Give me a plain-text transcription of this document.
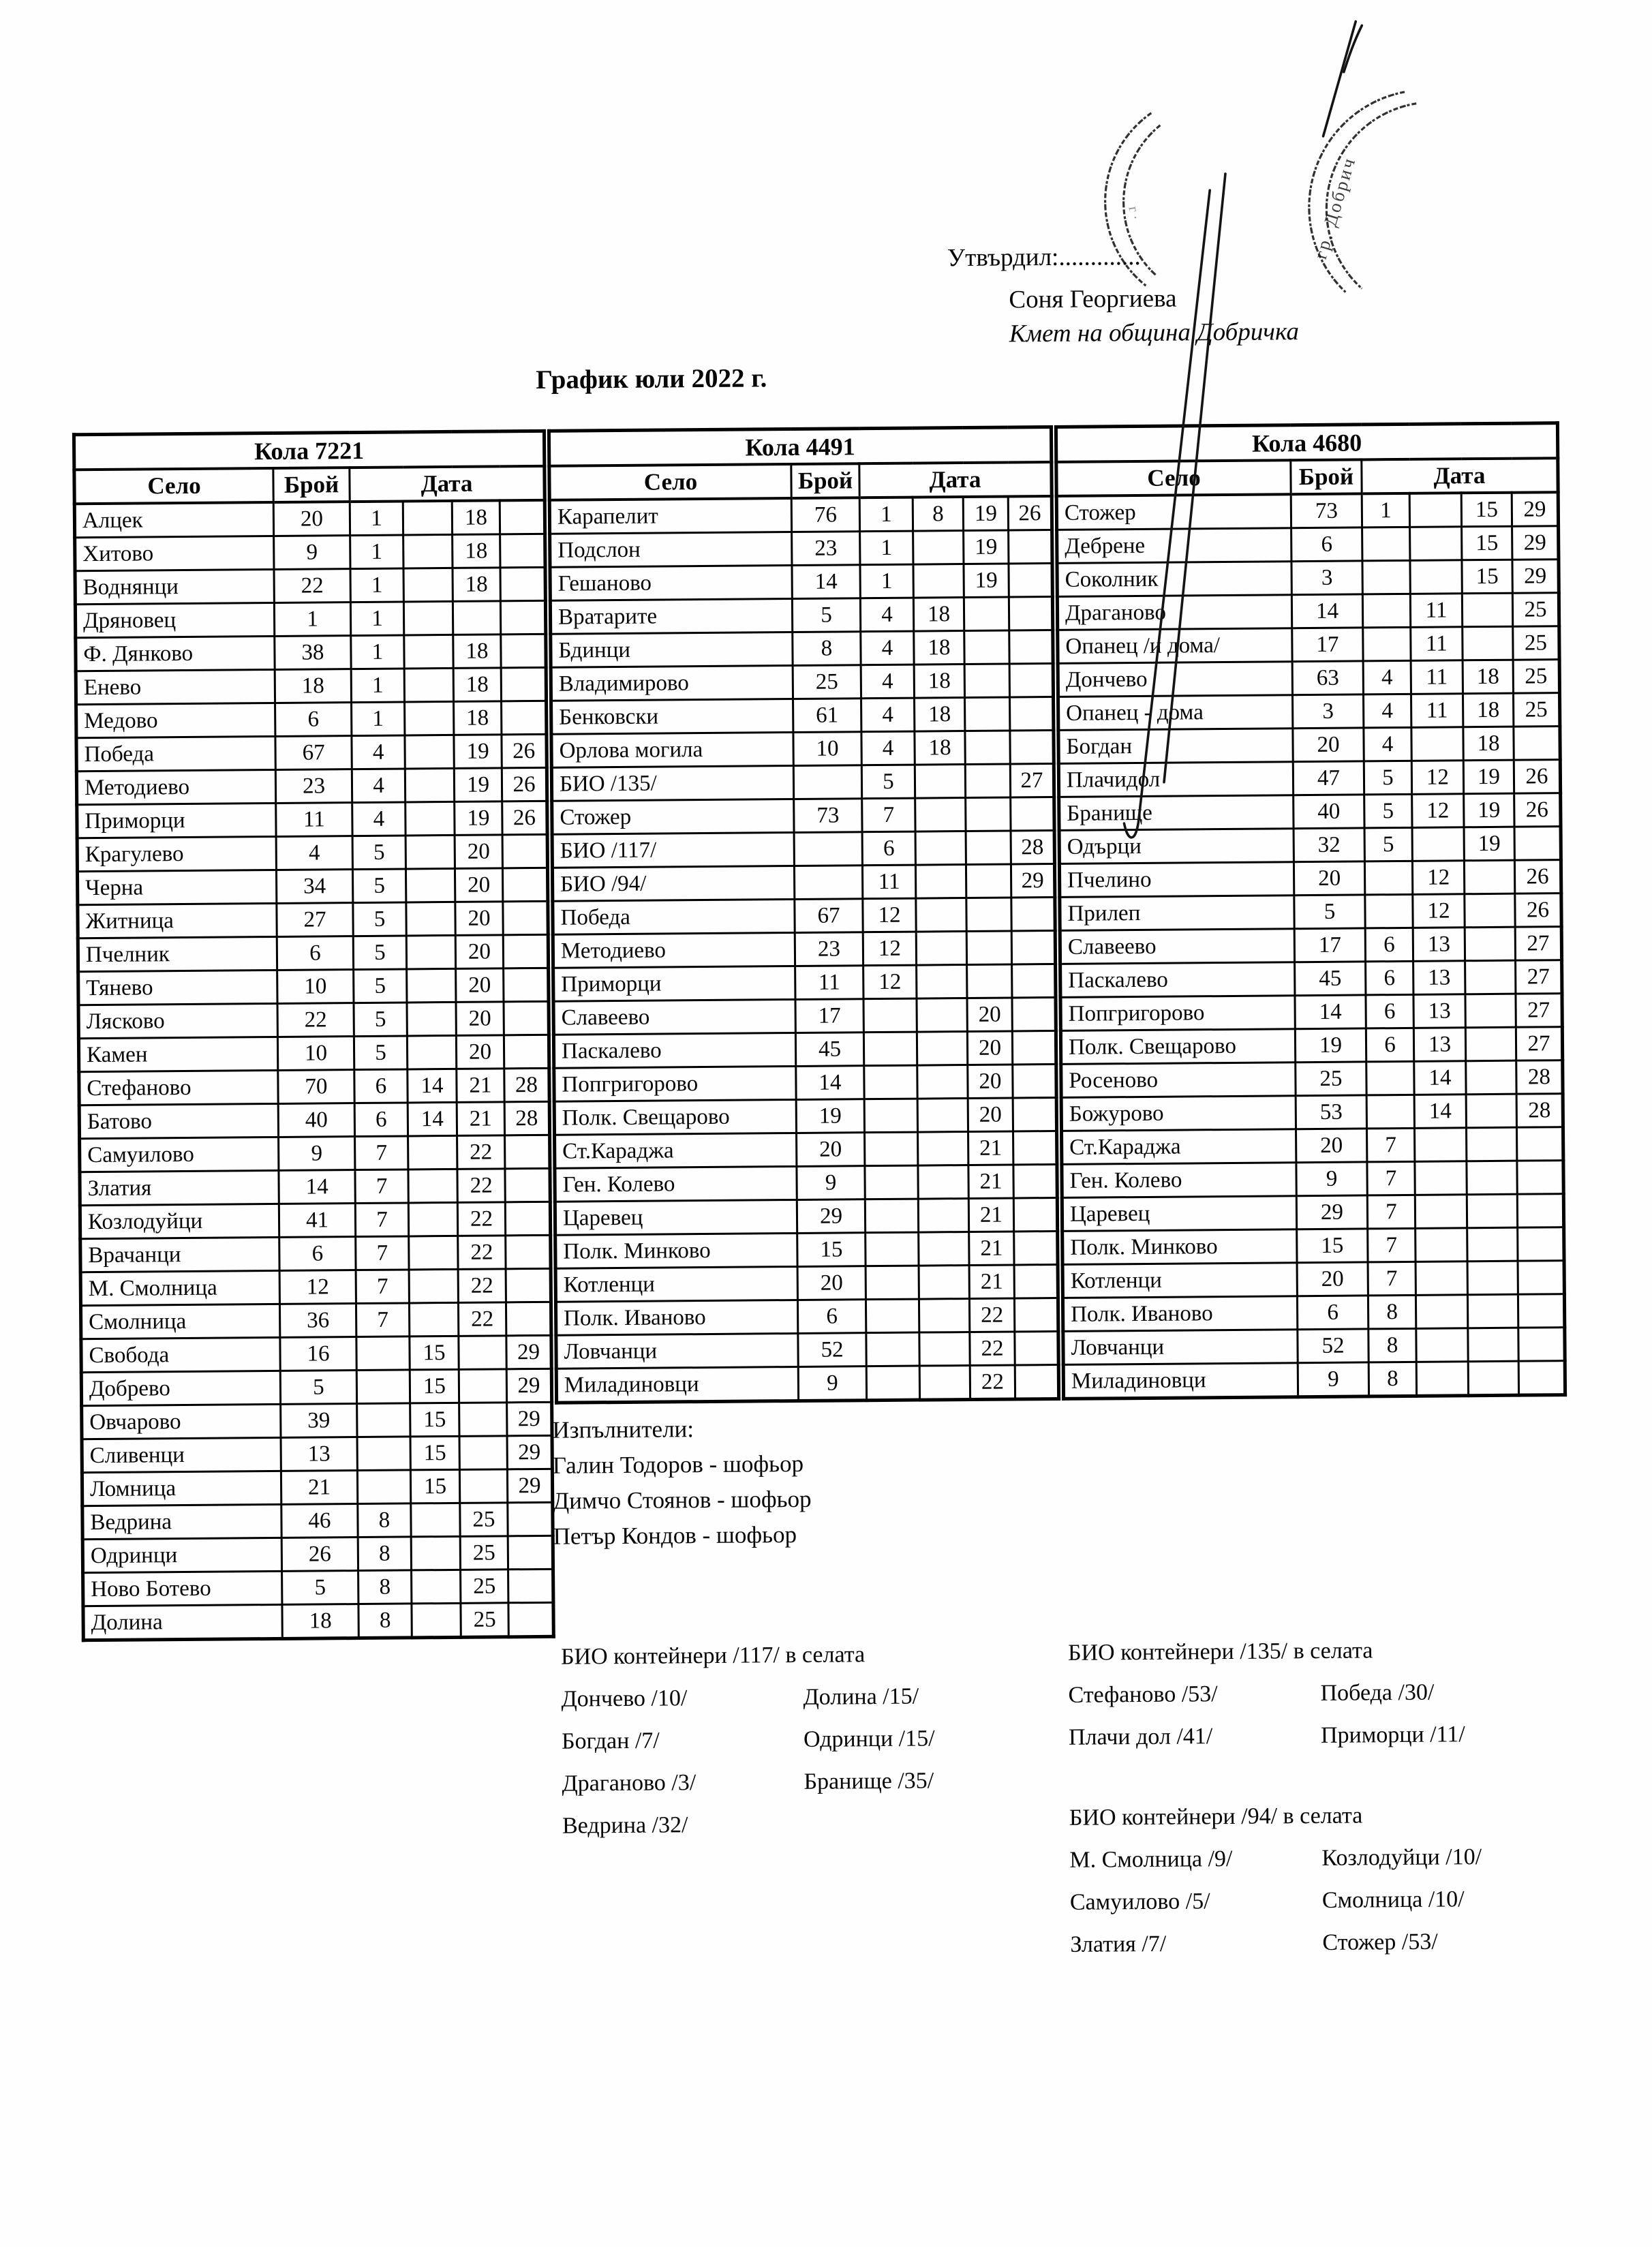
Утвърдил:.............
Соня Георгиева
Кмет на община Добричка
График юли 2022 г.
Кола 7221					
Село	Брой	Дата			
Алцек	20	1		18	
Хитово	9	1		18	
Воднянци	22	1		18	
Дряновец	1	1			
Ф. Дянково	38	1		18	
Енево	18	1		18	
Медово	6	1		18	
Победа	67	4		19	26
Методиево	23	4		19	26
Приморци	11	4		19	26
Крагулево	4	5		20	
Черна	34	5		20	
Житница	27	5		20	
Пчелник	6	5		20	
Тянево	10	5		20	
Лясково	22	5		20	
Камен	10	5		20	
Стефаново	70	6	14	21	28
Батово	40	6	14	21	28
Самуилово	9	7		22	
Златия	14	7		22	
Козлодуйци	41	7		22	
Врачанци	6	7		22	
М. Смолница	12	7		22	
Смолница	36	7		22	
Свобода	16		15		29
Добрево	5		15		29
Овчарово	39		15		29
Сливенци	13		15		29
Ломница	21		15		29
Ведрина	46	8		25	
Одринци	26	8		25	
Ново Ботево	5	8		25	
Долина	18	8		25	
Кола 4491					
Село	Брой	Дата			
Карапелит	76	1	8	19	26
Подслон	23	1		19	
Гешаново	14	1		19	
Вратарите	5	4	18		
Бдинци	8	4	18		
Владимирово	25	4	18		
Бенковски	61	4	18		
Орлова могила	10	4	18		
БИО /135/		5			27
Стожер	73	7			
БИО /117/		6			28
БИО /94/		11			29
Победа	67	12			
Методиево	23	12			
Приморци	11	12			
Славеево	17			20	
Паскалево	45			20	
Попгригорово	14			20	
Полк. Свещарово	19			20	
Ст.Караджа	20			21	
Ген. Колево	9			21	
Царевец	29			21	
Полк. Минково	15			21	
Котленци	20			21	
Полк. Иваново	6			22	
Ловчанци	52			22	
Миладиновци	9			22	
Кола 4680					
Село	Брой	Дата			
Стожер	73	1		15	29
Дебрене	6			15	29
Соколник	3			15	29
Драганово	14		11		25
Опанец /и дома/	17		11		25
Дончево	63	4	11	18	25
Опанец - дома	3	4	11	18	25
Богдан	20	4		18	
Плачидол	47	5	12	19	26
Бранище	40	5	12	19	26
Одърци	32	5		19	
Пчелино	20		12		26
Прилеп	5		12		26
Славеево	17	6	13		27
Паскалево	45	6	13		27
Попгригорово	14	6	13		27
Полк. Свещарово	19	6	13		27
Росеново	25		14		28
Божурово	53		14		28
Ст.Караджа	20	7			
Ген. Колево	9	7			
Царевец	29	7			
Полк. Минково	15	7			
Котленци	20	7			
Полк. Иваново	6	8			
Ловчанци	52	8			
Миладиновци	9	8			
Изпълнители:
Галин Тодоров - шофьор
Димчо Стоянов - шофьор
Петър Кондов - шофьор
БИО контейнери /117/ в селата
Дончево /10/	Долина /15/
Богдан /7/	Одринци /15/
Драганово /3/	Бранище /35/
Ведрина /32/
БИО контейнери /135/ в селата
Стефаново /53/	Победа /30/
Плачи дол /41/	Приморци /11/
БИО контейнери /94/ в селата
М. Смолница /9/	Козлодуйци /10/
Самуилово /5/	Смолница /10/
Златия /7/	Стожер /53/
г ·	гр. Добрич
